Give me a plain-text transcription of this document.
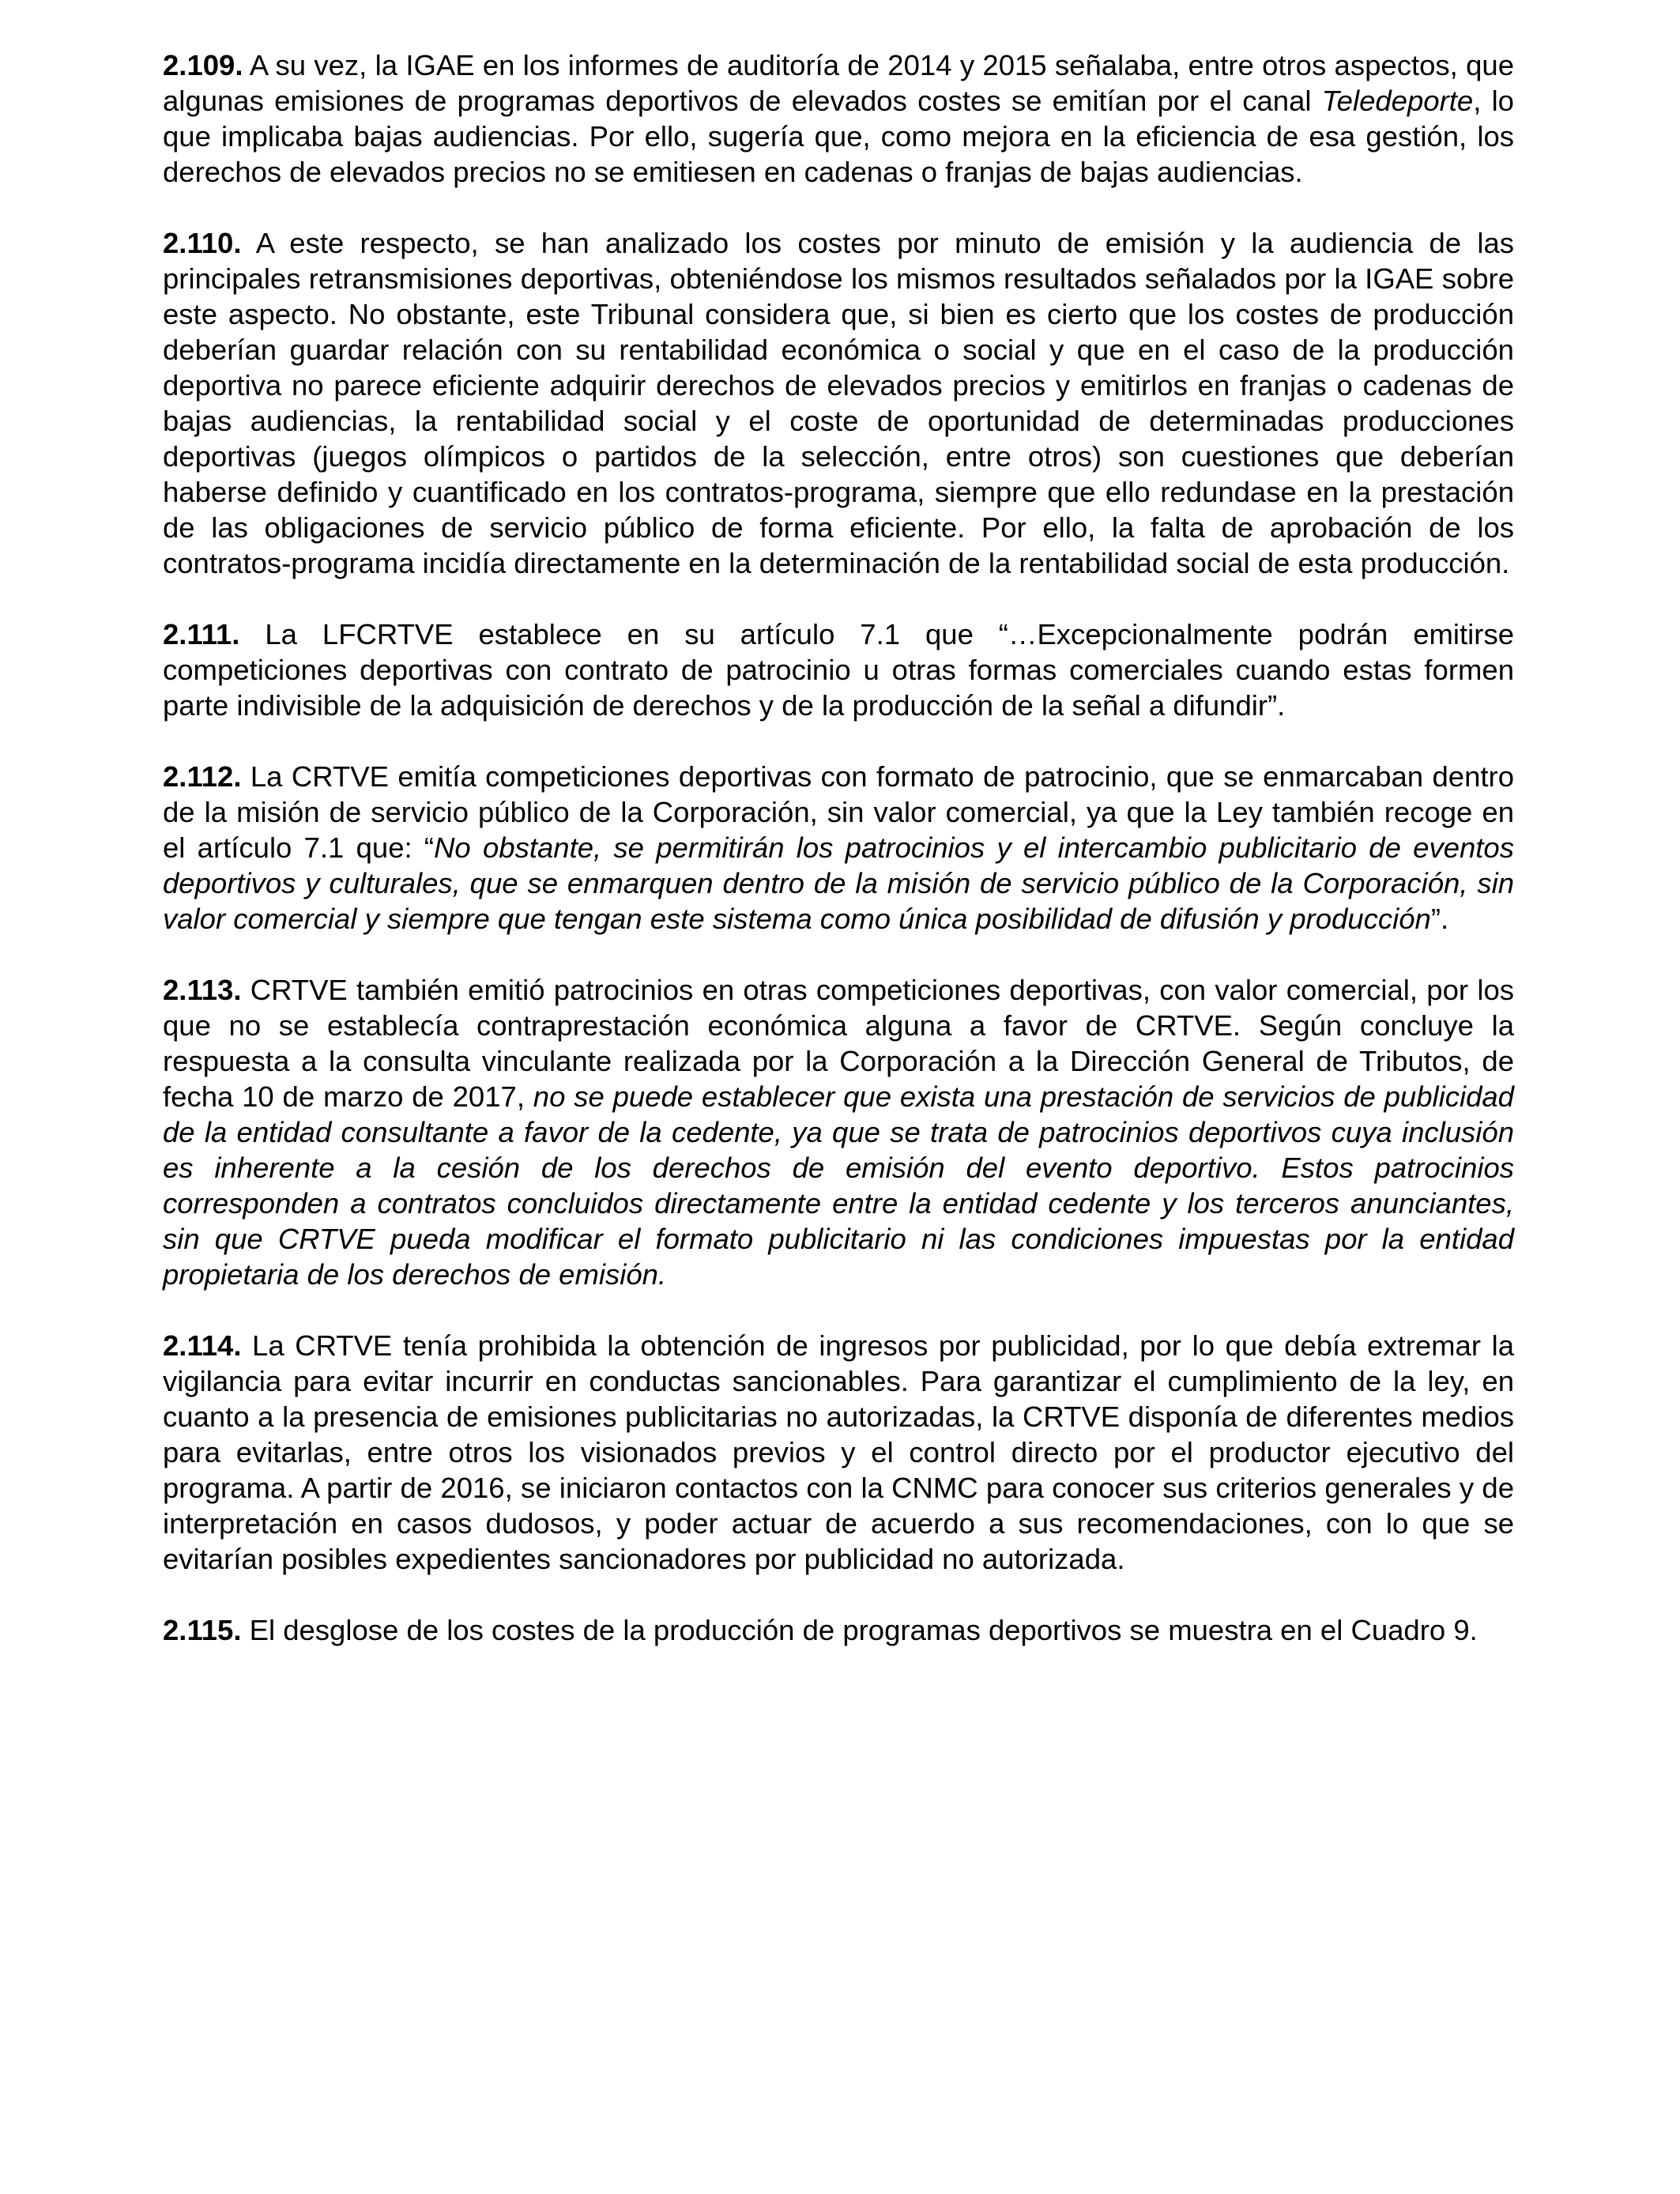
2.109. A su vez, la IGAE en los informes de auditoría de 2014 y 2015 señalaba, entre otros aspectos, que algunas emisiones de programas deportivos de elevados costes se emitían por el canal Teledeporte, lo que implicaba bajas audiencias. Por ello, sugería que, como mejora en la eficiencia de esa gestión, los derechos de elevados precios no se emitiesen en cadenas o franjas de bajas audiencias.

2.110. A este respecto, se han analizado los costes por minuto de emisión y la audiencia de las principales retransmisiones deportivas, obteniéndose los mismos resultados señalados por la IGAE sobre este aspecto. No obstante, este Tribunal considera que, si bien es cierto que los costes de producción deberían guardar relación con su rentabilidad económica o social y que en el caso de la producción deportiva no parece eficiente adquirir derechos de elevados precios y emitirlos en franjas o cadenas de bajas audiencias, la rentabilidad social y el coste de oportunidad de determinadas producciones deportivas (juegos olímpicos o partidos de la selección, entre otros) son cuestiones que deberían haberse definido y cuantificado en los contratos-programa, siempre que ello redundase en la prestación de las obligaciones de servicio público de forma eficiente. Por ello, la falta de aprobación de los contratos-programa incidía directamente en la determinación de la rentabilidad social de esta producción.

2.111. La LFCRTVE establece en su artículo 7.1 que “…Excepcionalmente podrán emitirse competiciones deportivas con contrato de patrocinio u otras formas comerciales cuando estas formen parte indivisible de la adquisición de derechos y de la producción de la señal a difundir”.

2.112. La CRTVE emitía competiciones deportivas con formato de patrocinio, que se enmarcaban dentro de la misión de servicio público de la Corporación, sin valor comercial, ya que la Ley también recoge en el artículo 7.1 que: “No obstante, se permitirán los patrocinios y el intercambio publicitario de eventos deportivos y culturales, que se enmarquen dentro de la misión de servicio público de la Corporación, sin valor comercial y siempre que tengan este sistema como única posibilidad de difusión y producción”.

2.113. CRTVE también emitió patrocinios en otras competiciones deportivas, con valor comercial, por los que no se establecía contraprestación económica alguna a favor de CRTVE. Según concluye la respuesta a la consulta vinculante realizada por la Corporación a la Dirección General de Tributos, de fecha 10 de marzo de 2017, no se puede establecer que exista una prestación de servicios de publicidad de la entidad consultante a favor de la cedente, ya que se trata de patrocinios deportivos cuya inclusión es inherente a la cesión de los derechos de emisión del evento deportivo. Estos patrocinios corresponden a contratos concluidos directamente entre la entidad cedente y los terceros anunciantes, sin que CRTVE pueda modificar el formato publicitario ni las condiciones impuestas por la entidad propietaria de los derechos de emisión.

2.114. La CRTVE tenía prohibida la obtención de ingresos por publicidad, por lo que debía extremar la vigilancia para evitar incurrir en conductas sancionables. Para garantizar el cumplimiento de la ley, en cuanto a la presencia de emisiones publicitarias no autorizadas, la CRTVE disponía de diferentes medios para evitarlas, entre otros los visionados previos y el control directo por el productor ejecutivo del programa. A partir de 2016, se iniciaron contactos con la CNMC para conocer sus criterios generales y de interpretación en casos dudosos, y poder actuar de acuerdo a sus recomendaciones, con lo que se evitarían posibles expedientes sancionadores por publicidad no autorizada.

2.115. El desglose de los costes de la producción de programas deportivos se muestra en el Cuadro 9.
